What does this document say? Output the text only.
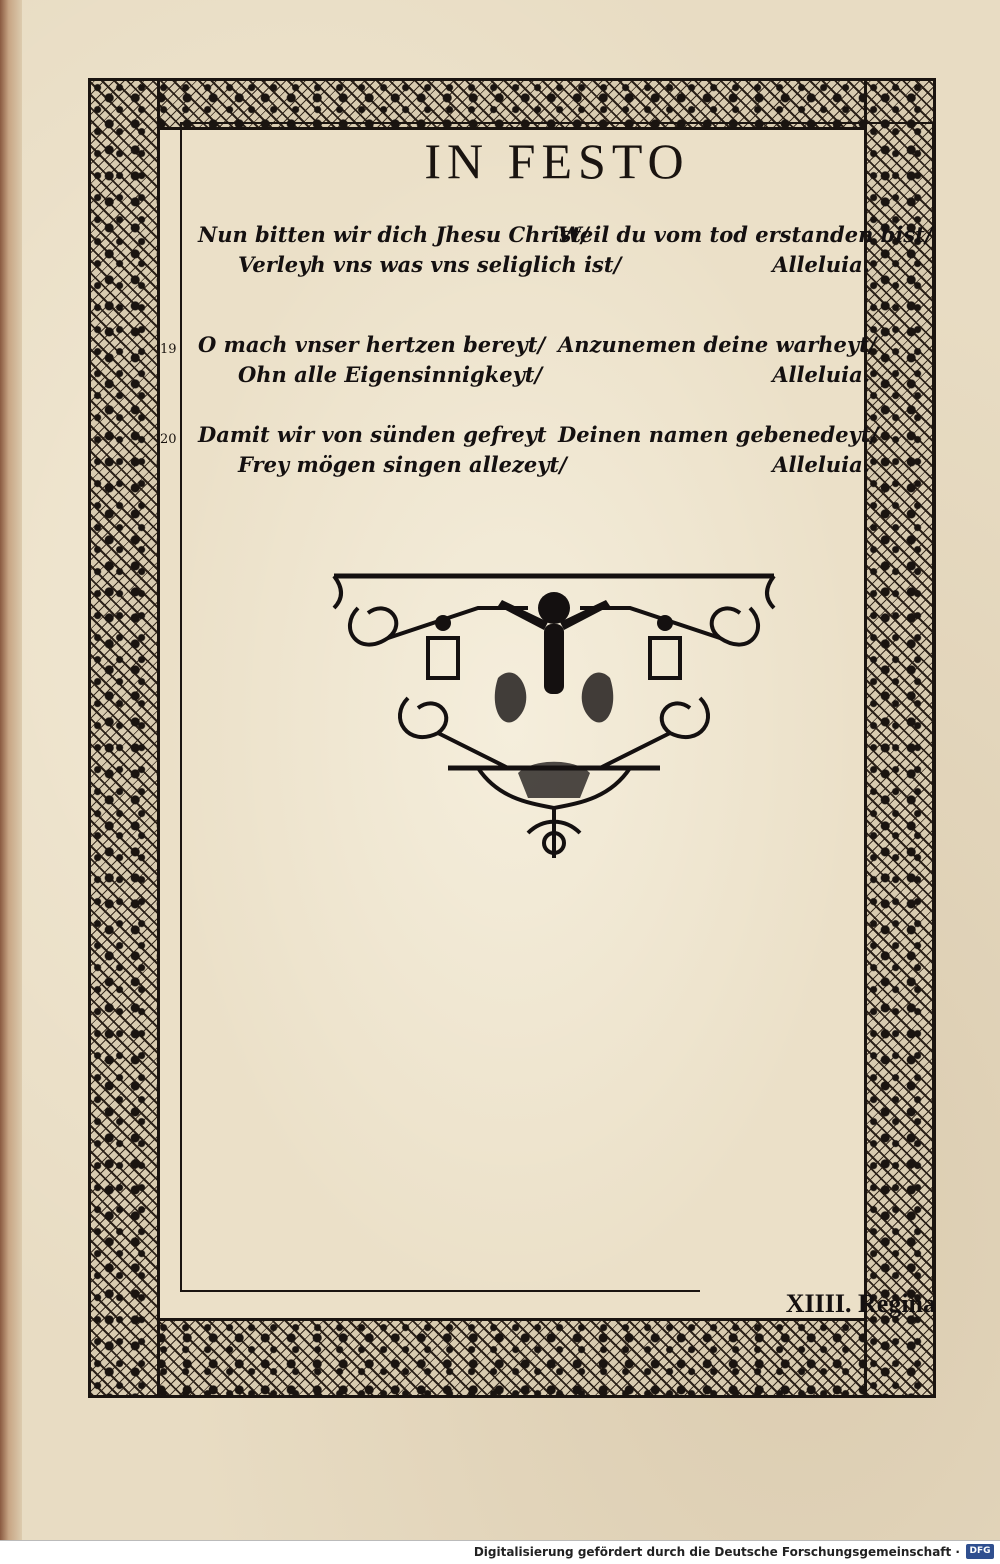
IN FESTO
Nun bitten wir dich Jhesu Christ/
Weil du vom tod erstanden bist/
Verleyh vns was vns seliglich ist/	Alleluia.
19 O mach vnser hertzen bereyt/ Anzunemen deine warheyt/
Ohn alle Eigensinnigkeyt/	Alleluia.
20 Damit wir von sünden gefreyt Deinen namen gebenedeyt/
Frey mögen singen allezeyt/	Alleluia.
XIIII. Regina
Digitalisierung gefördert durch die Deutsche Forschungsgemeinschaft ·	DFG
